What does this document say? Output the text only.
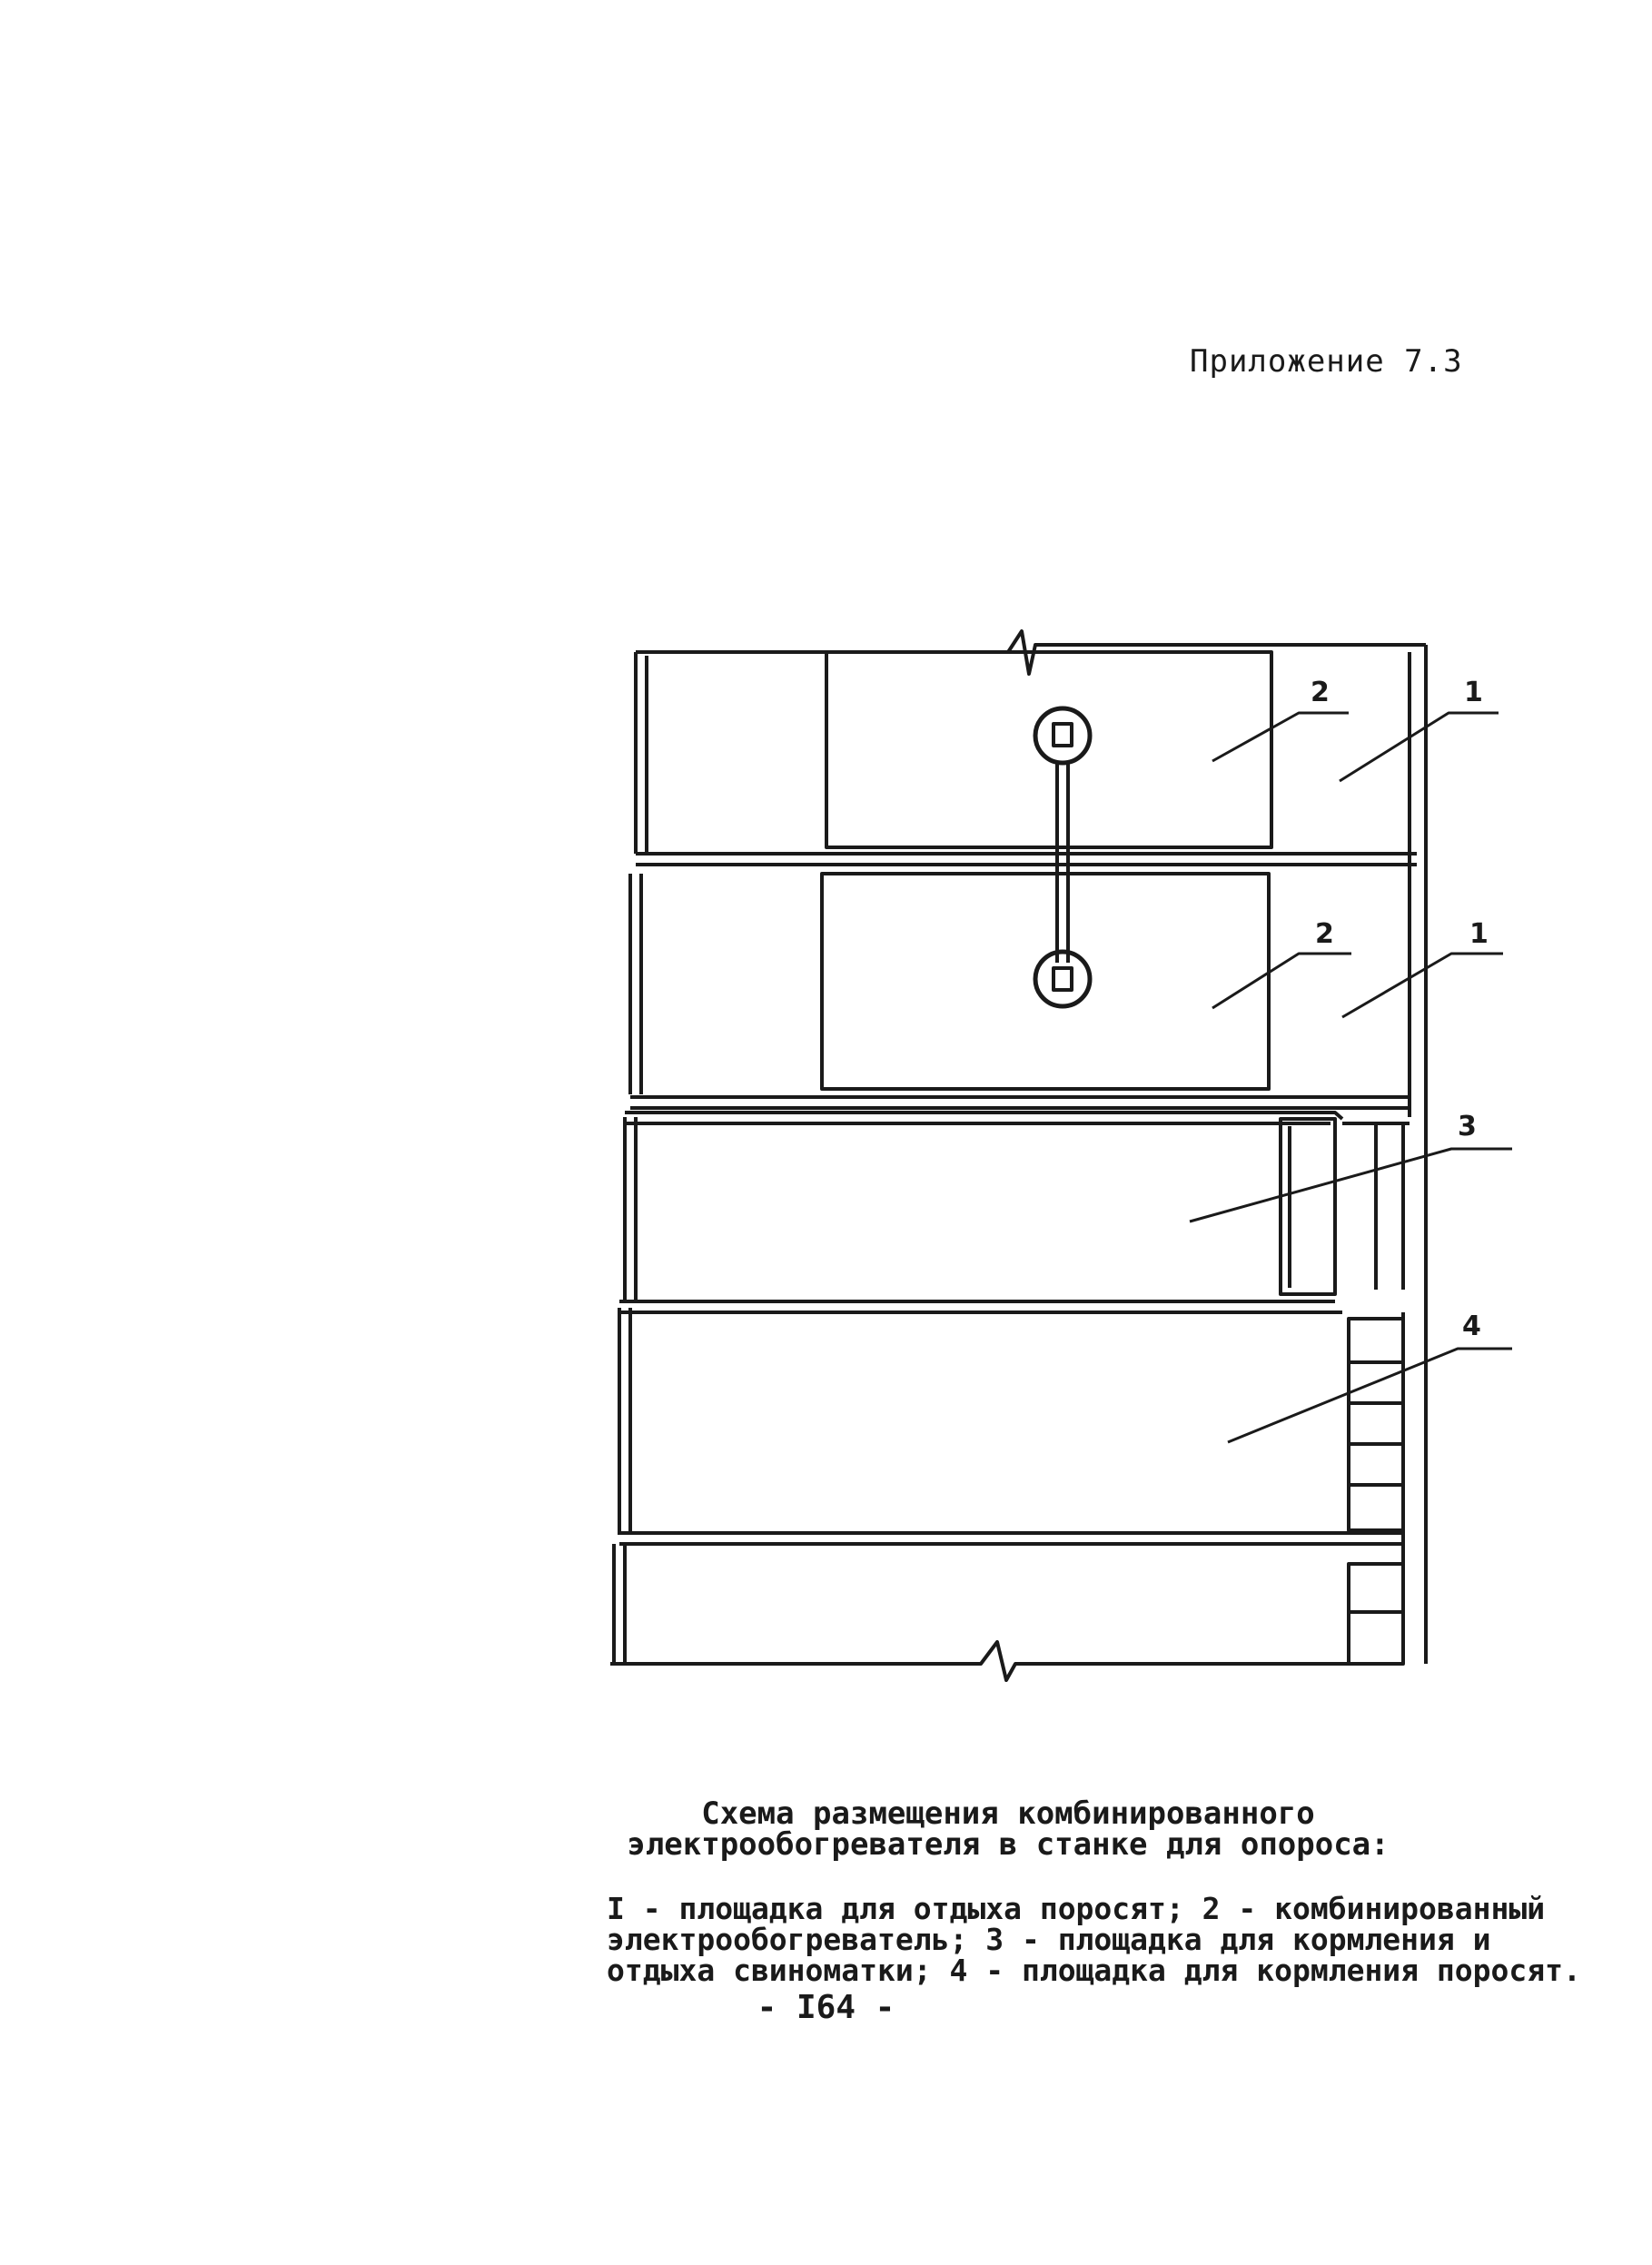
Приложение 7.3
2	1
2	1
3
4
Схема размещения комбинированного
электрообогревателя в станке для опороса:
I - площадка для отдыха поросят; 2 - комбинированный
электрообогреватель; 3 - площадка для кормления и
отдыха свиноматки; 4 - площадка для кормления поросят.
- I64 -
